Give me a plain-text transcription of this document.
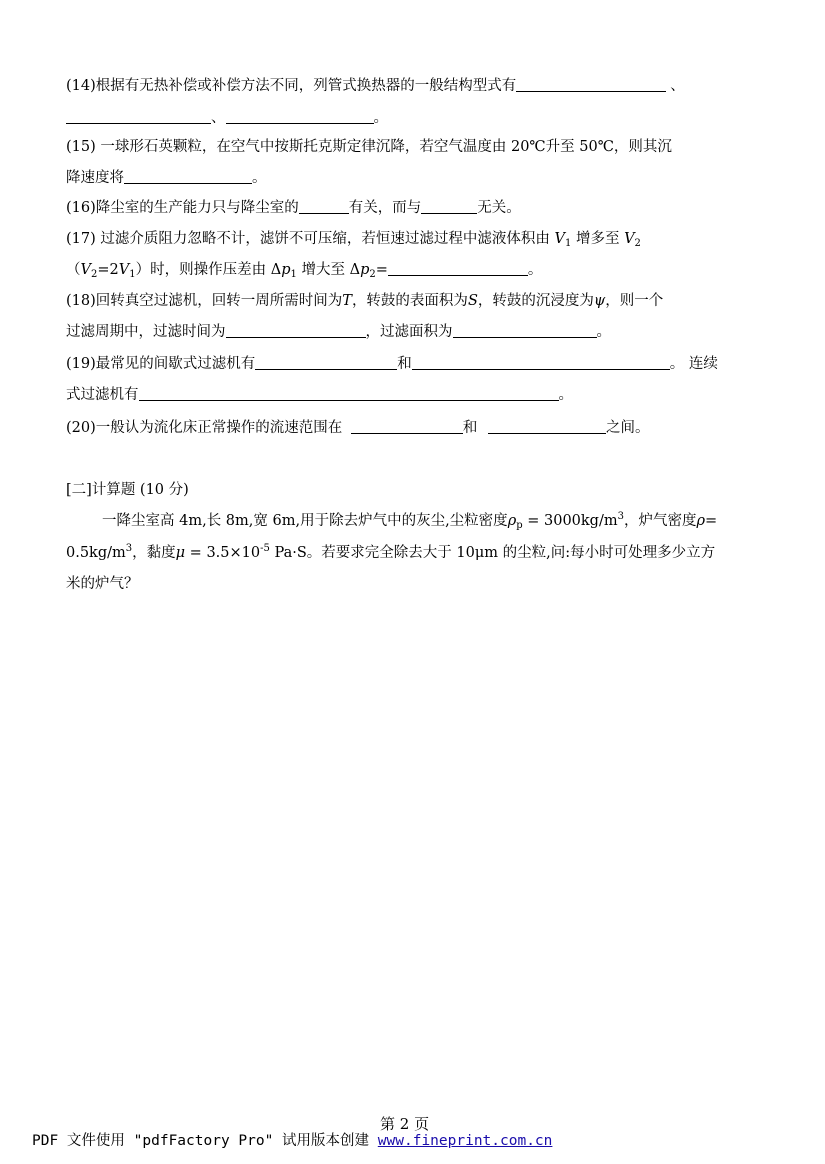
(14)根据有无热补偿或补偿方法不同，列管式换热器的一般结构型式有	、
、	。
(15) 一球形石英颗粒，在空气中按斯托克斯定律沉降，若空气温度由 20℃升至 50℃，则其沉
降速度将	。
(16)降尘室的生产能力只与降尘室的	有关，而与	无关。
(17) 过滤介质阻力忽略不计，滤饼不可压缩，若恒速过滤过程中滤液体积由 $V_1$ 增多至 $V_2$
$(V_2=2V_1)$时，则操作压差由 $\Delta p_1$ 增大至 $\Delta p_2=$	。
(18)回转真空过滤机，回转一周所需时间为T，转鼓的表面积为S，转鼓的沉浸度为ψ，则一个
过滤周期中，过滤时间为	，过滤面积为	。
(19)最常见的间歇式过滤机有	和	。 连续
式过滤机有	。
(20)一般认为流化床正常操作的流速范围在	和	之间。
[二]计算题 (10 分)
一降尘室高 4m,长 8m,宽 6m,用于除去炉气中的灰尘,尘粒密度$\rho_p = 3000kg/m^3$，炉气密度ρ=
$0.5kg/m^3$，黏度$\mu = 3.5\times 10^{-5}$ Pa·S。若要求完全除去大于 10μm 的尘粒,问:每小时可处理多少立方
米的炉气？
第 2 页
PDF 文件使用 "pdfFactory Pro" 试用版本创建 www.fineprint.com.cn
